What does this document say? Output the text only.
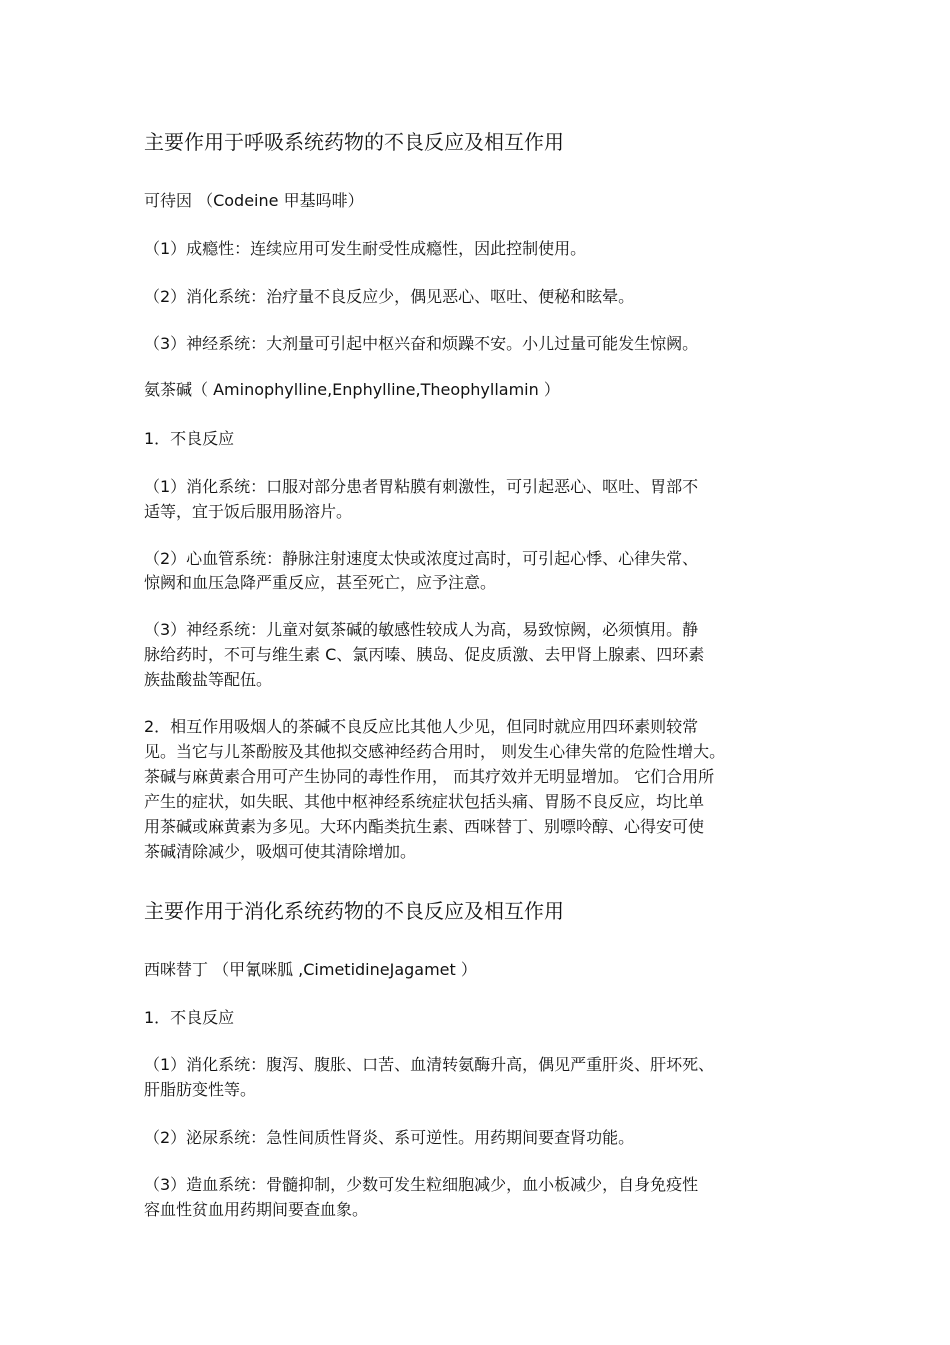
主要作用于呼吸系统药物的不良反应及相互作用
可待因 （Codeine 甲基吗啡）
（1）成瘾性：连续应用可发生耐受性成瘾性，因此控制使用。
（2）消化系统：治疗量不良反应少，偶见恶心、呕吐、便秘和眩晕。
（3）神经系统：大剂量可引起中枢兴奋和烦躁不安。小儿过量可能发生惊阙。
氨茶碱（ Aminophylline,Enphylline,Theophyllamin ）
1．不良反应
（1）消化系统：口服对部分患者胃粘膜有刺激性，可引起恶心、呕吐、胃部不
适等，宜于饭后服用肠溶片。
（2）心血管系统：静脉注射速度太快或浓度过高时，可引起心悸、心律失常、
惊阙和血压急降严重反应，甚至死亡，应予注意。
（3）神经系统：儿童对氨茶碱的敏感性较成人为高，易致惊阙，必须慎用。静
脉给药时，不可与维生素 C、氯丙嗪、胰岛、促皮质激、去甲肾上腺素、四环素
族盐酸盐等配伍。
2．相互作用吸烟人的茶碱不良反应比其他人少见，但同时就应用四环素则较常
见。当它与儿茶酚胺及其他拟交感神经药合用时， 则发生心律失常的危险性增大。
茶碱与麻黄素合用可产生协同的毒性作用， 而其疗效并无明显增加。 它们合用所
产生的症状，如失眠、其他中枢神经系统症状包括头痛、胃肠不良反应，均比单
用茶碱或麻黄素为多见。大环内酯类抗生素、西咪替丁、别嘌呤醇、心得安可使
茶碱清除减少，吸烟可使其清除增加。
主要作用于消化系统药物的不良反应及相互作用
西咪替丁 （甲氰咪胍 ,CimetidineJagamet ）
1．不良反应
（1）消化系统：腹泻、腹胀、口苦、血清转氨酶升高，偶见严重肝炎、肝坏死、
肝脂肪变性等。
（2）泌尿系统：急性间质性肾炎、系可逆性。用药期间要查肾功能。
（3）造血系统：骨髓抑制，少数可发生粒细胞减少，血小板减少，自身免疫性
容血性贫血用药期间要查血象。
